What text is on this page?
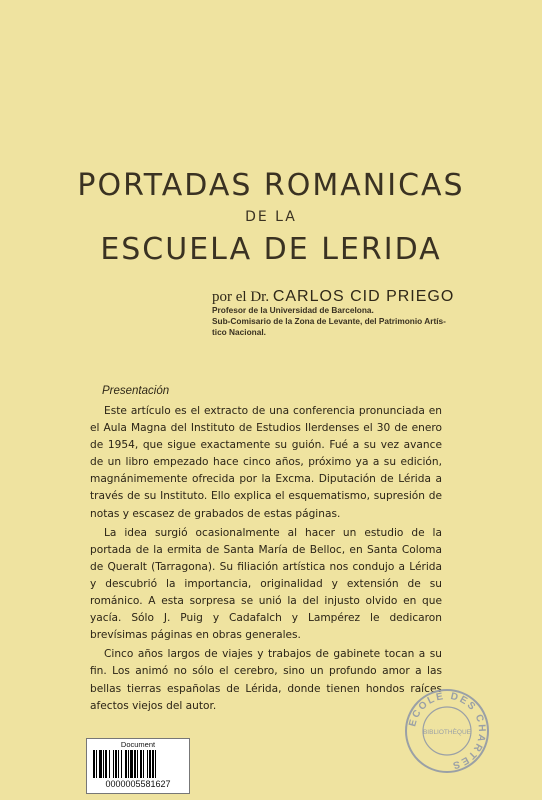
PORTADAS ROMANICAS
DE LA
ESCUELA DE LERIDA
por el Dr. CARLOS CID PRIEGO
Profesor de la Universidad de Barcelona.
Sub-Comisario de la Zona de Levante, del Patrimonio Artís-
tico Nacional.
Presentación

Este artículo es el extracto de una conferencia pronunciada en el Aula Magna del Instituto de Estudios Ilerdenses el 30 de enero de 1954, que sigue exactamente su guión. Fué a su vez avance de un libro empezado hace cinco años, próximo ya a su edición, magnánimemente ofrecida por la Excma. Diputación de Lérida a través de su Instituto. Ello explica el esquematismo, supresión de notas y escasez de grabados de estas páginas.

La idea surgió ocasionalmente al hacer un estudio de la portada de la ermita de Santa María de Belloc, en Santa Coloma de Queralt (Tarragona). Su filiación artística nos condujo a Lérida y descubrió la importancia, originalidad y extensión de su románico. A esta sorpresa se unió la del injusto olvido en que yacía. Sólo J. Puig y Cadafalch y Lampérez le dedicaron brevísimas páginas en obras generales.

Cinco años largos de viajes y trabajos de gabinete tocan a su fin. Los animó no sólo el cerebro, sino un profundo amor a las bellas tierras españolas de Lérida, donde tienen hondos raíces afectos viejos del autor.

ECOLE DES CHARTES
BIBLIOTHÈQUE
Document
0000005581627
